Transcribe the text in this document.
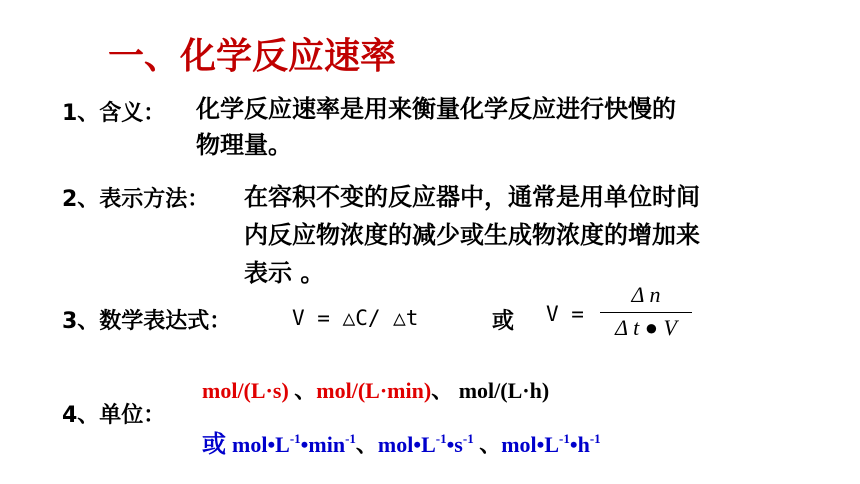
一、化学反应速率
1、含义： 化学反应速率是用来衡量化学反应进行快慢的
物理量。
2、表示方法： 在容积不变的反应器中，通常是用单位时间
内反应物浓度的减少或生成物浓度的增加来
表示 。
3、数学表达式：	V = △C/ △t	或 V =
Δ n
Δ t ● V
4、单位：
mol/(L·s) 、mol/(L·min)、 mol/(L·h)
或 $mol•L^{-1}•\min^{-1}$、$mol•L^{-1}•s^{-1}$ 、$mol•L^{-1}•h^{-1}$
